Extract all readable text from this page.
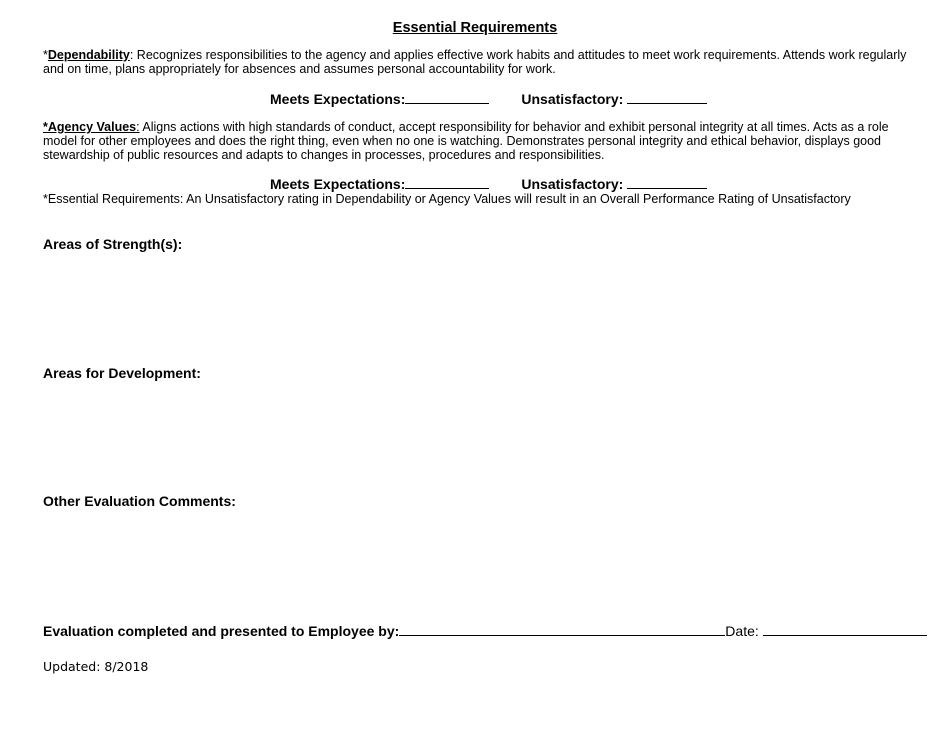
Essential Requirements
*Dependability: Recognizes responsibilities to the agency and applies effective work habits and attitudes to meet work requirements. Attends work regularly and on time, plans appropriately for absences and assumes personal accountability for work.
Meets Expectations:	Unsatisfactory:
*Agency Values: Aligns actions with high standards of conduct, accept responsibility for behavior and exhibit personal integrity at all times. Acts as a role model for other employees and does the right thing, even when no one is watching. Demonstrates personal integrity and ethical behavior, displays good stewardship of public resources and adapts to changes in processes, procedures and responsibilities.
Meets Expectations:	Unsatisfactory:
*Essential Requirements: An Unsatisfactory rating in Dependability or Agency Values will result in an Overall Performance Rating of Unsatisfactory
Areas of Strength(s):
Areas for Development:
Other Evaluation Comments:
Evaluation completed and presented to Employee by:	Date:
Updated: 8/2018
